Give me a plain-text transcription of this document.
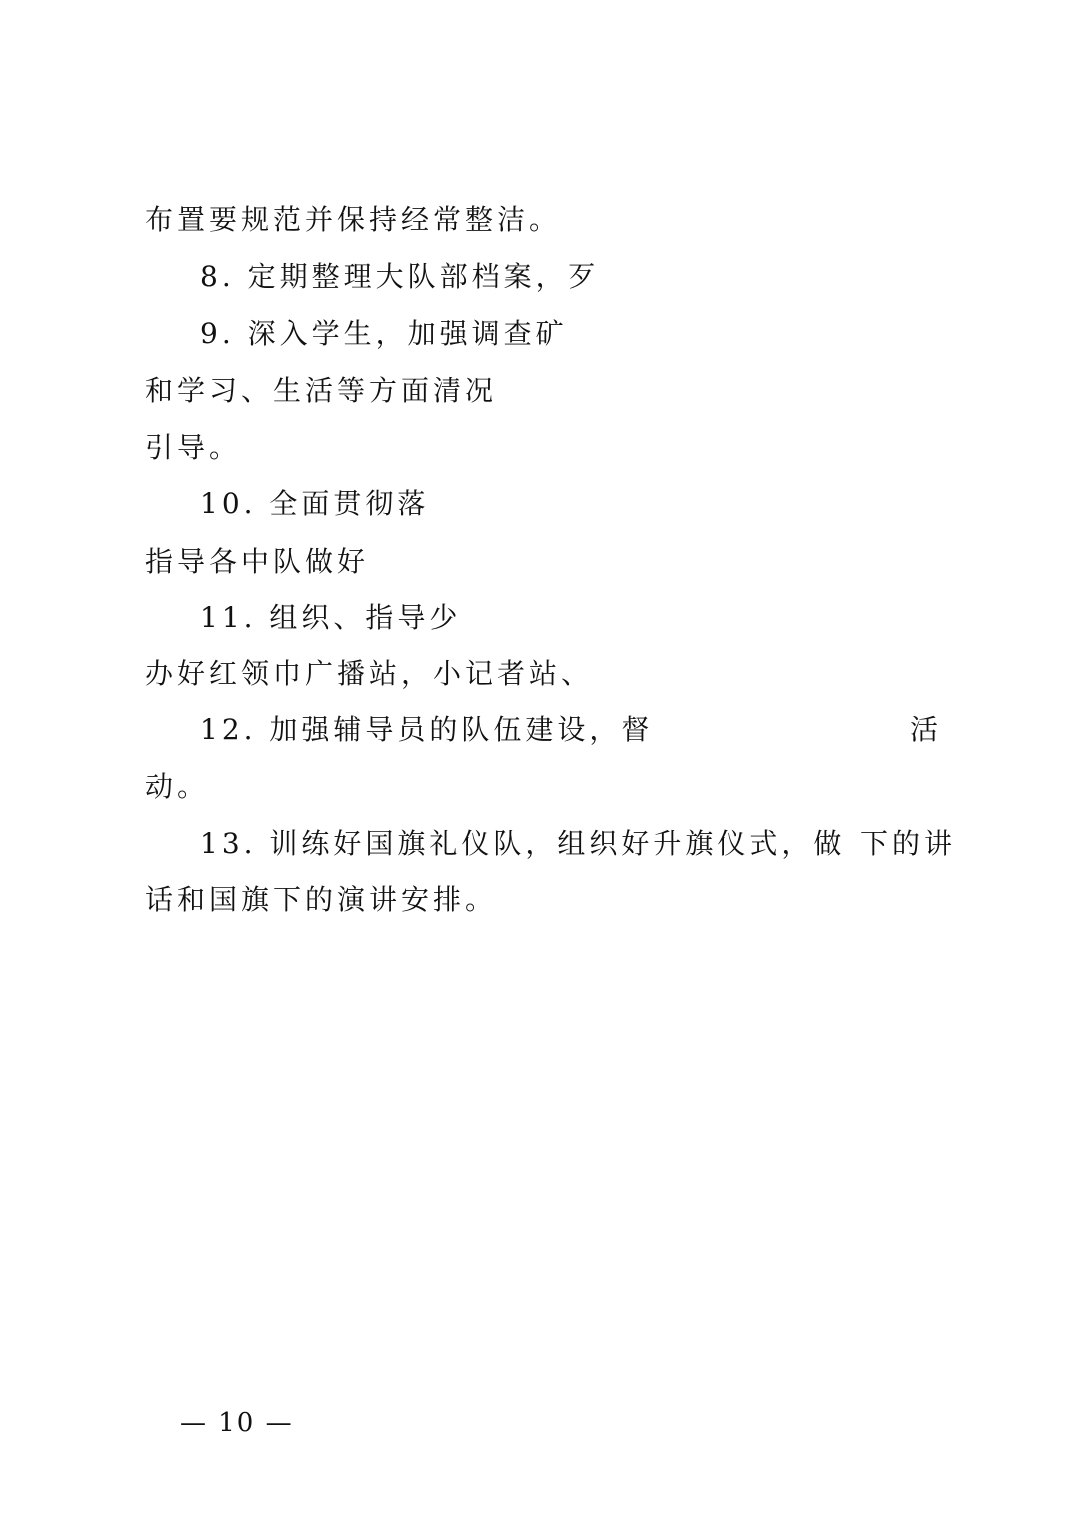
布置要规范并保持经常整洁。
8. 定期整理大队部档案，歹
9. 深入学生，加强调查矿
和学习、生活等方面清况
引导。
10. 全面贯彻落
指导各中队做好
11. 组织、指导少
办好红领巾广播站，小记者站、
12. 加强辅导员的队伍建设，督	活
动。
13. 训练好国旗礼仪队，组织好升旗仪式，做 下的讲
话和国旗下的演讲安排。
— 10 —
